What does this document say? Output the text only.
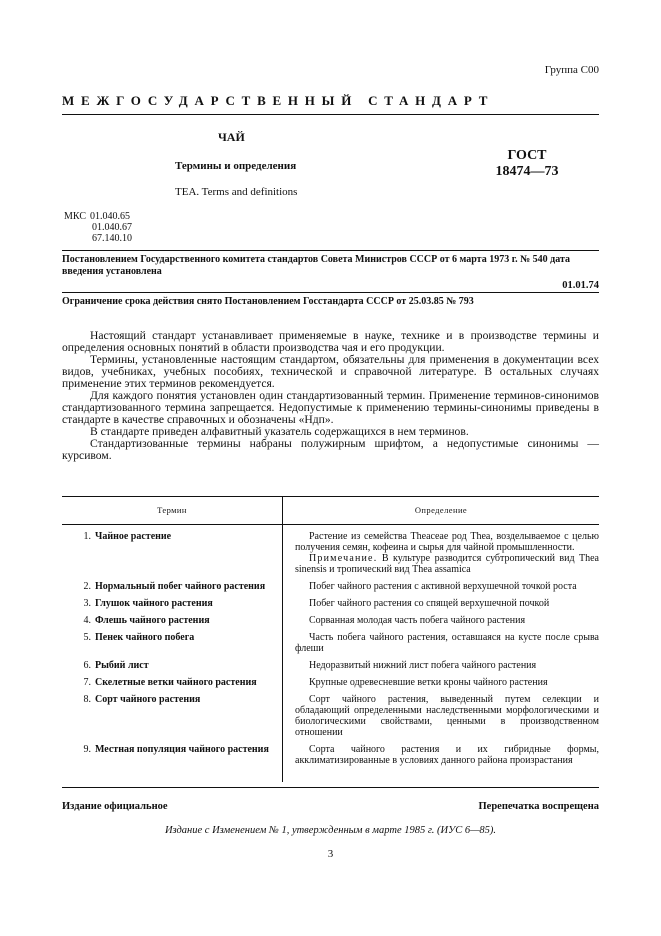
Группа С00
МЕЖГОСУДАРСТВЕННЫЙ СТАНДАРТ
ЧАЙ
Термины и определения
TEA. Terms and definitions
ГОСТ
18474—73
МКС 01.040.65
01.040.67
67.140.10
Постановлением Государственного комитета стандартов Совета Министров СССР от 6 марта 1973 г. № 540 дата введения установлена
01.01.74
Ограничение срока действия снято Постановлением Госстандарта СССР от 25.03.85 № 793

Настоящий стандарт устанавливает применяемые в науке, технике и в производстве термины и определения основных понятий в области производства чая и его продукции.

Термины, установленные настоящим стандартом, обязательны для применения в документации всех видов, учебниках, учебных пособиях, технической и справочной литературе. В остальных случаях применение этих терминов рекомендуется.

Для каждого понятия установлен один стандартизованный термин. Применение терминов-синонимов стандартизованного термина запрещается. Недопустимые к применению термины-синонимы приведены в стандарте в качестве справочных и обозначены «Ндп».

В стандарте приведен алфавитный указатель содержащихся в нем терминов.

Стандартизованные термины набраны полужирным шрифтом, а недопустимые синонимы — курсивом.

Термин	Определение
1. Чайное растение	Растение из семейства Theaceae род Thea, возделываемое с целью получения семян, кофеина и сырья для чайной промышленности.
Примечание. В культуре разводится субтропический вид Thea sinensis и тропический вид Thea assamica

2. Нормальный побег чайного растения	Побег чайного растения с активной верхушечной точкой роста

3. Глушок чайного растения	Побег чайного растения со спящей верхушечной почкой

4. Флешь чайного растения	Сорванная молодая часть побега чайного растения

5. Пенек чайного побега	Часть побега чайного растения, оставшаяся на кусте после срыва флеши

6. Рыбий лист	Недоразвитый нижний лист побега чайного растения

7. Скелетные ветки чайного растения	Крупные одревесневшие ветки кроны чайного растения

8. Сорт чайного растения	Сорт чайного растения, выведенный путем селекции и обладающий определенными наследственными морфологическими и биологическими свойствами, ценными в производственном отношении

9. Местная популяция чайного растения	Сорта чайного растения и их гибридные формы, акклиматизированные в условиях данного района произрастания
Издание официальное	Перепечатка воспрещена
Издание с Изменением № 1, утвержденным в марте 1985 г. (ИУС 6—85).
3
